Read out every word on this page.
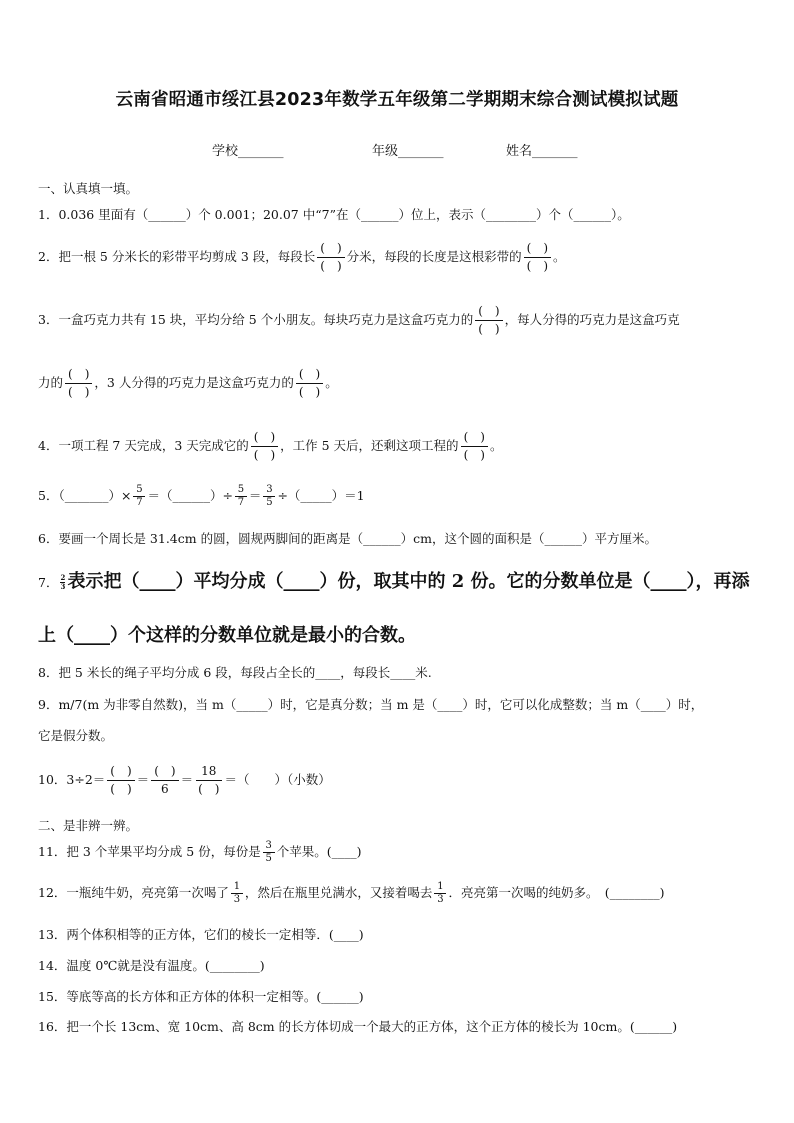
云南省昭通市绥江县2023年数学五年级第二学期期末综合测试模拟试题
学校_______	年级_______	姓名_______
一、认真填一填。
1．0.036 里面有（______）个 0.001；20.07 中“7”在（______）位上，表示（________）个（______）。
2．把一根 5 分米长的彩带平均剪成 3 段，每段长 $\frac{( )}{( )}$ 分米，每段的长度是这根彩带的 $\frac{( )}{( )}$ 。
3．一盒巧克力共有 15 块，平均分给 5 个小朋友。每块巧克力是这盒巧克力的 $\frac{( )}{( )}$ ，每人分得的巧克力是这盒巧克
力的 $\frac{( )}{( )}$ ，3 人分得的巧克力是这盒巧克力的 $\frac{( )}{( )}$ 。
4．一项工程 7 天完成，3 天完成它的 $\frac{( )}{( )}$ ，工作 5 天后，还剩这项工程的 $\frac{( )}{( )}$ 。
5．（_______）× $\frac{5}{7}$ ＝（______）÷ $\frac{5}{7} = \frac{3}{5}$ ÷（_____）＝1
6．要画一个周长是 31.4cm 的圆，圆规两脚间的距离是（______）cm，这个圆的面积是（______）平方厘米。
7． $\frac{2}{3}$ 表示把（____）平均分成（____）份，取其中的 2 份。它的分数单位是（____），再添
上（____）个这样的分数单位就是最小的合数。
8．把 5 米长的绳子平均分成 6 段，每段占全长的____，每段长____米.
9．m/7(m 为非零自然数)，当 m（_____）时，它是真分数；当 m 是（____）时，它可以化成整数；当 m（____）时，
它是假分数。
10．$3\div 2= \frac{( )}{( )} = \frac{( )}{6} = \frac{18}{( )}$ ＝（　　）（小数）
二、是非辨一辨。
11．把 3 个苹果平均分成 5 份，每份是 $\frac{3}{5}$ 个苹果。(____)
12．一瓶纯牛奶，亮亮第一次喝了 $\frac{1}{3}$ ，然后在瓶里兑满水，又接着喝去 $\frac{1}{3}$ ．亮亮第一次喝的纯奶多。　(________)
13．两个体积相等的正方体，它们的棱长一定相等．(____)
14．温度 0℃就是没有温度。(________)
15．等底等高的长方体和正方体的体积一定相等。(______)
16．把一个长 13cm、宽 10cm、高 8cm 的长方体切成一个最大的正方体，这个正方体的棱长为 10cm。(______)
